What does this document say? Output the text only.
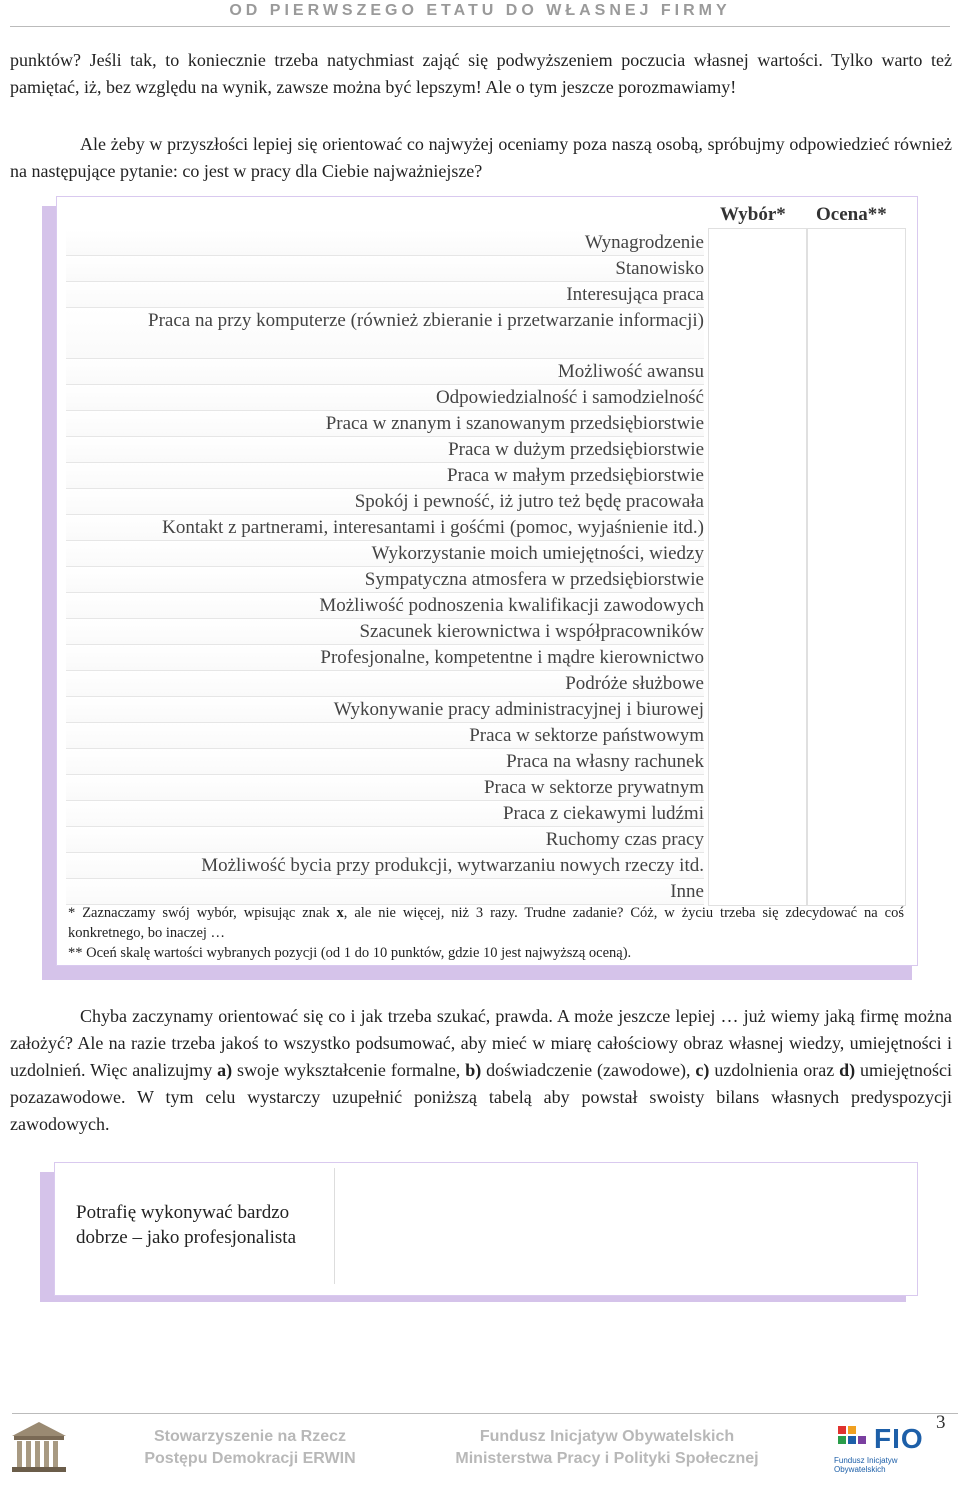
OD PIERWSZEGO ETATU DO WŁASNEJ FIRMY

punktów? Jeśli tak, to koniecznie trzeba natychmiast zająć się podwyższeniem poczucia własnej wartości. Tylko warto też pamiętać, iż, bez względu na wynik, zawsze można być lepszym! Ale o tym jeszcze porozmawiamy!

Ale żeby w przyszłości lepiej się orientować co najwyżej oceniamy poza naszą osobą, spróbujmy odpowiedzieć również na następujące pytanie: co jest w pracy dla Ciebie najważniejsze?

Wybór* Ocena**
Wynagrodzenie
Stanowisko
Interesująca praca
Praca na przy komputerze (również zbieranie i przetwarzanie informacji)
Możliwość awansu
Odpowiedzialność i samodzielność
Praca w znanym i szanowanym przedsiębiorstwie
Praca w dużym przedsiębiorstwie
Praca w małym przedsiębiorstwie
Spokój i pewność, iż jutro też będę pracowała
Kontakt z partnerami, interesantami i gośćmi (pomoc, wyjaśnienie itd.)
Wykorzystanie moich umiejętności, wiedzy
Sympatyczna atmosfera w przedsiębiorstwie
Możliwość podnoszenia kwalifikacji zawodowych
Szacunek kierownictwa i współpracowników
Profesjonalne, kompetentne i mądre kierownictwo
Podróże służbowe
Wykonywanie pracy administracyjnej i biurowej
Praca w sektorze państwowym
Praca na własny rachunek
Praca w sektorze prywatnym
Praca z ciekawymi ludźmi
Ruchomy czas pracy
Możliwość bycia przy produkcji, wytwarzaniu nowych rzeczy itd.
Inne

* Zaznaczamy swój wybór, wpisując znak x, ale nie więcej, niż 3 razy. Trudne zadanie? Cóż, w życiu trzeba się zdecydować na coś konkretnego, bo inaczej …

** Oceń skalę wartości wybranych pozycji (od 1 do 10 punktów, gdzie 10 jest najwyższą oceną).

Chyba zaczynamy orientować się co i jak trzeba szukać, prawda. A może jeszcze lepiej … już wiemy jaką firmę można założyć? Ale na razie trzeba jakoś to wszystko podsumować, aby mieć w miarę całościowy obraz własnej wiedzy, umiejętności i uzdolnień. Więc analizujmy a) swoje wykształcenie formalne, b) doświadczenie (zawodowe), c) uzdolnienia oraz d) umiejętności pozazawodowe. W tym celu wystarczy uzupełnić poniższą tabelą aby powstał swoisty bilans własnych predyspozycji zawodowych.

Potrafię wykonywać bardzo dobrze – jako profesjonalista
Stowarzyszenie na Rzecz
Postępu Demokracji ERWIN
Fundusz Inicjatyw Obywatelskich
Ministerstwa Pracy i Polityki Społecznej
3
FIO
Fundusz Inicjatyw Obywatelskich
